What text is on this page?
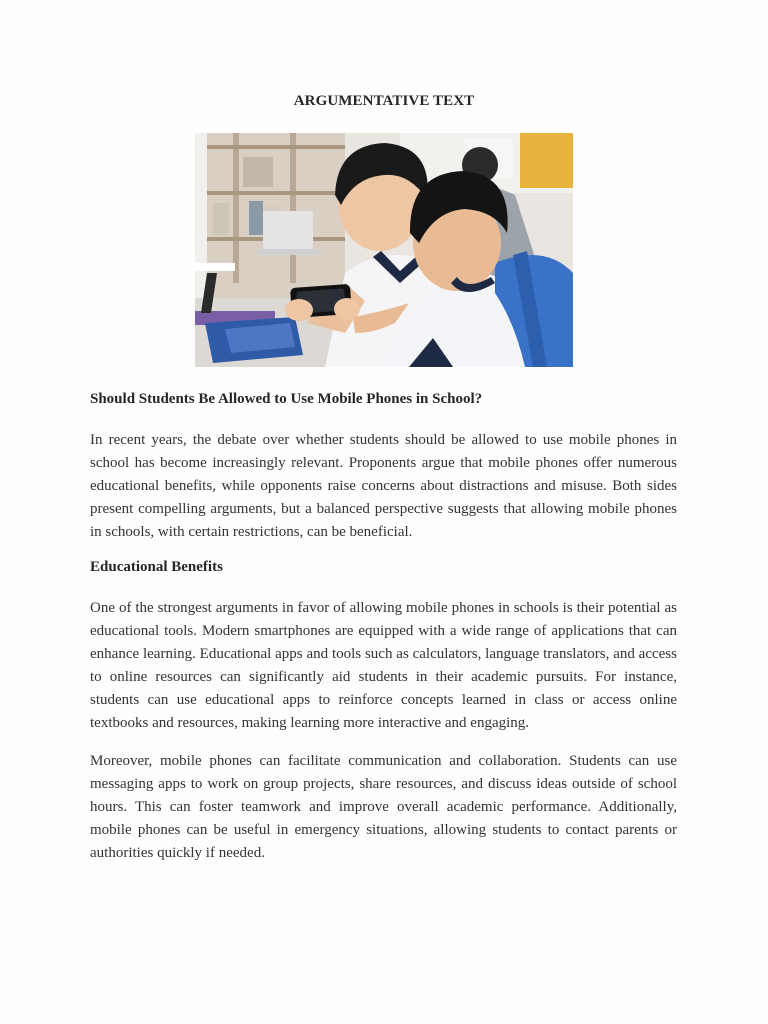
ARGUMENTATIVE TEXT
Should Students Be Allowed to Use Mobile Phones in School?

In recent years, the debate over whether students should be allowed to use mobile phones in school has become increasingly relevant. Proponents argue that mobile phones offer numerous educational benefits, while opponents raise concerns about distractions and misuse. Both sides present compelling arguments, but a balanced perspective suggests that allowing mobile phones in schools, with certain restrictions, can be beneficial.

Educational Benefits

One of the strongest arguments in favor of allowing mobile phones in schools is their potential as educational tools. Modern smartphones are equipped with a wide range of applications that can enhance learning. Educational apps and tools such as calculators, language translators, and access to online resources can significantly aid students in their academic pursuits. For instance, students can use educational apps to reinforce concepts learned in class or access online textbooks and resources, making learning more interactive and engaging.

Moreover, mobile phones can facilitate communication and collaboration. Students can use messaging apps to work on group projects, share resources, and discuss ideas outside of school hours. This can foster teamwork and improve overall academic performance. Additionally, mobile phones can be useful in emergency situations, allowing students to contact parents or authorities quickly if needed.
